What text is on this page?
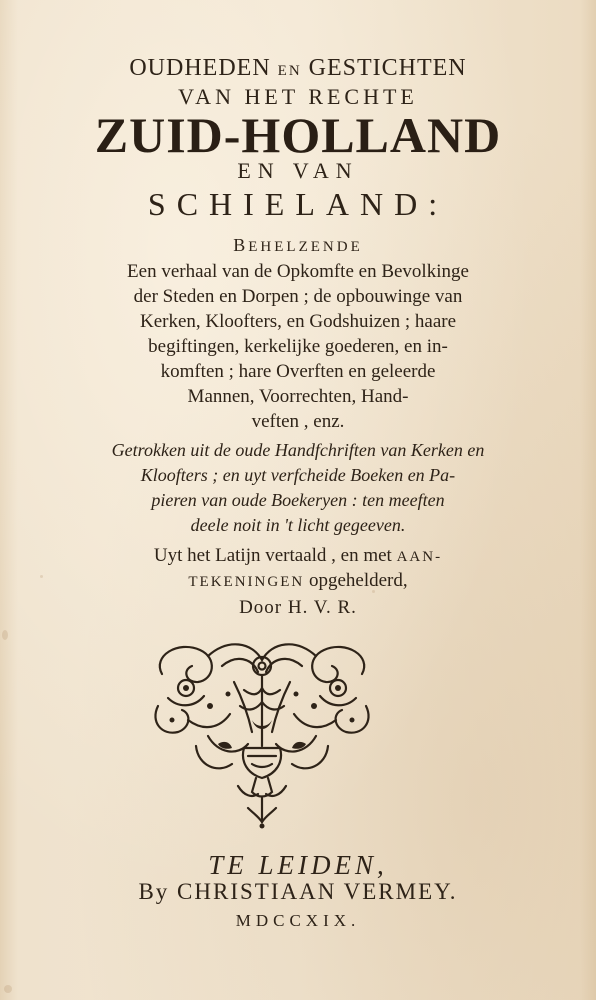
OUDHEDEN EN GESTICHTEN
VAN HET RECHTE
ZUID-HOLLAND
EN VAN
SCHIELAND:
BEHELZENDE
Een verhaal van de Opkomfte en Bevolkinge
der Steden en Dorpen ; de opbouwinge van
Kerken, Kloofters, en Godshuizen ; haare
begiftingen, kerkelijke goederen, en in-
komften ; hare Overften en geleerde
Mannen, Voorrechten, Hand-
veften , enz.
Getrokken uit de oude Handfchriften van Kerken en
Kloofters ; en uyt verfcheide Boeken en Pa-
pieren van oude Boekeryen : ten meeften
deele noit in 't licht gegeeven.
Uyt het Latijn vertaald , en met AAN-
TEKENINGEN opgehelderd,
Door H. V. R.
TE LEIDEN,
By CHRISTIAAN VERMEY.
MDCCXIX.
